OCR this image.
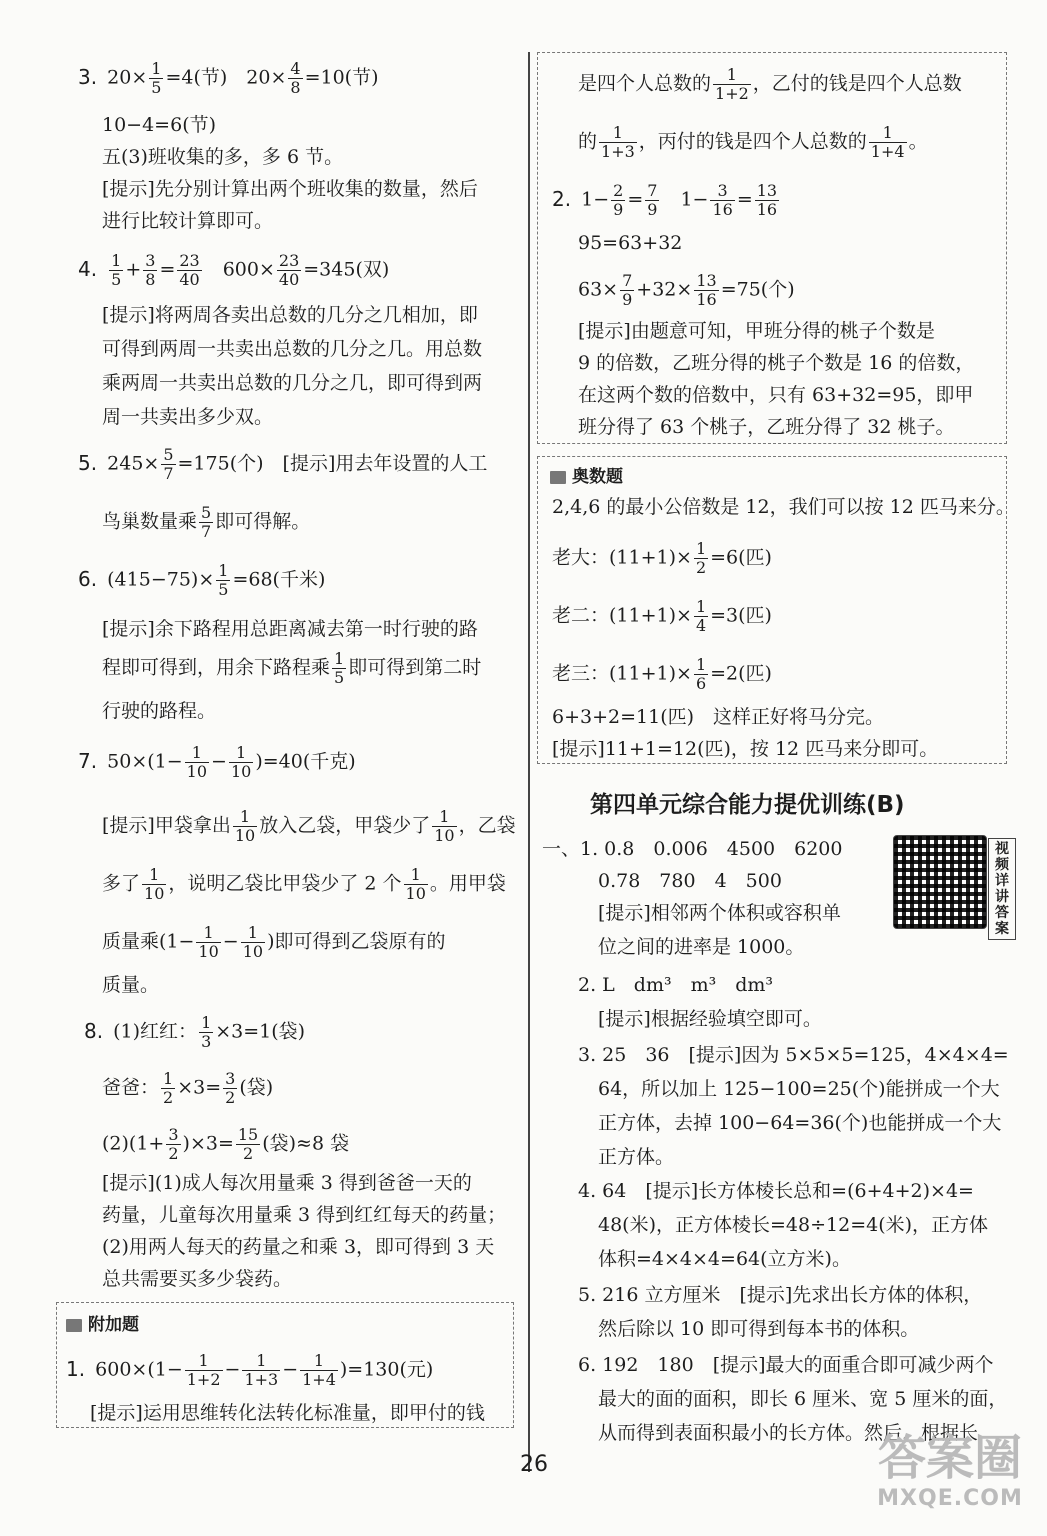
3. $20\times \frac{1}{5} =4$(节)　$20\times \frac{4}{8} =10$(节)
10−4=6(节)
五(3)班收集的多，多 6 节。
[提示]先分别计算出两个班收集的数量，然后
进行比较计算即可。
4. $\frac{1}{5} + \frac{3}{8} = \frac{23}{40}$ 　$600\times \frac{23}{40} =345$(双)
[提示]将两周各卖出总数的几分之几相加，即
可得到两周一共卖出总数的几分之几。用总数
乘两周一共卖出总数的几分之几，即可得到两
周一共卖出多少双。
5. $245\times \frac{5}{7} =175$(个)　[提示]用去年设置的人工
鸟巢数量乘 $\frac{5}{7}$ 即可得解。
6. $(415-75)\times \frac{1}{5} =68$(千米)
[提示]余下路程用总距离减去第一时行驶的路
程即可得到，用余下路程乘 $\frac{1}{5}$ 即可得到第二时
行驶的路程。
7. $50\times(1- \frac{1}{10} - \frac{1}{10} )=40$(千克)
[提示]甲袋拿出 $\frac{1}{10}$ 放入乙袋，甲袋少了 $\frac{1}{10}$ ，乙袋
多了 $\frac{1}{10}$ ，说明乙袋比甲袋少了 2 个 $\frac{1}{10}$ 。用甲袋
质量乘($1- \frac{1}{10} - \frac{1}{10}$ )即可得到乙袋原有的
质量。
8. (1)红红： $\frac{1}{3} \times 3=1$(袋)
爸爸： $\frac{1}{2} \times 3= \frac{3}{2}$ (袋)
$(2)(1+ \frac{3}{2} )\times 3= \frac{15}{2}$ (袋)≈8 袋
[提示](1)成人每次用量乘 3 得到爸爸一天的
药量，儿童每次用量乘 3 得到红红每天的药量；
(2)用两人每天的药量之和乘 3，即可得到 3 天
总共需要买多少袋药。
附加题
1. $600\times(1- \frac{1}{1+2} - \frac{1}{1+3} - \frac{1}{1+4} )=130$(元)
[提示]运用思维转化法转化标准量，即甲付的钱
是四个人总数的 $\frac{1}{1+2}$ ，乙付的钱是四个人总数
的 $\frac{1}{1+3}$ ，丙付的钱是四个人总数的 $\frac{1}{1+4}$ 。
2. $1- \frac{2}{9} = \frac{7}{9}$ 　$1- \frac{3}{16} = \frac{13}{16}$
95=63+32
$63\times \frac{7}{9} +32\times \frac{13}{16} =75$(个)
[提示]由题意可知，甲班分得的桃子个数是
9 的倍数，乙班分得的桃子个数是 16 的倍数，
在这两个数的倍数中，只有 63+32=95，即甲
班分得了 63 个桃子，乙班分得了 32 桃子。
奥数题
2,4,6 的最小公倍数是 12，我们可以按 12 匹马来分。
老大：$(11+1)\times \frac{1}{2} =6$(匹)
老二：$(11+1)\times \frac{1}{4} =3$(匹)
老三：$(11+1)\times \frac{1}{6} =2$(匹)
6+3+2=11(匹)　这样正好将马分完。
[提示]11+1=12(匹)，按 12 匹马来分即可。
第四单元综合能力提优训练(B)
视频详讲答案
一、1. 0.8　0.006　4500　6200
0.78　780　4　500
[提示]相邻两个体积或容积单
位之间的进率是 1000。
2. L　dm³　m³　dm³
[提示]根据经验填空即可。
3. 25　36　[提示]因为 5×5×5=125，4×4×4=
64，所以加上 125−100=25(个)能拼成一个大
正方体，去掉 100−64=36(个)也能拼成一个大
正方体。
4. 64　[提示]长方体棱长总和=(6+4+2)×4=
48(米)，正方体棱长=48÷12=4(米)，正方体
体积=4×4×4=64(立方米)。
5. 216 立方厘米　[提示]先求出长方体的体积，
然后除以 10 即可得到每本书的体积。
6. 192　180　[提示]最大的面重合即可减少两个
最大的面的面积，即长 6 厘米、宽 5 厘米的面，
从而得到表面积最小的长方体。然后，根据长
26	答案圈
MXQE.COM
